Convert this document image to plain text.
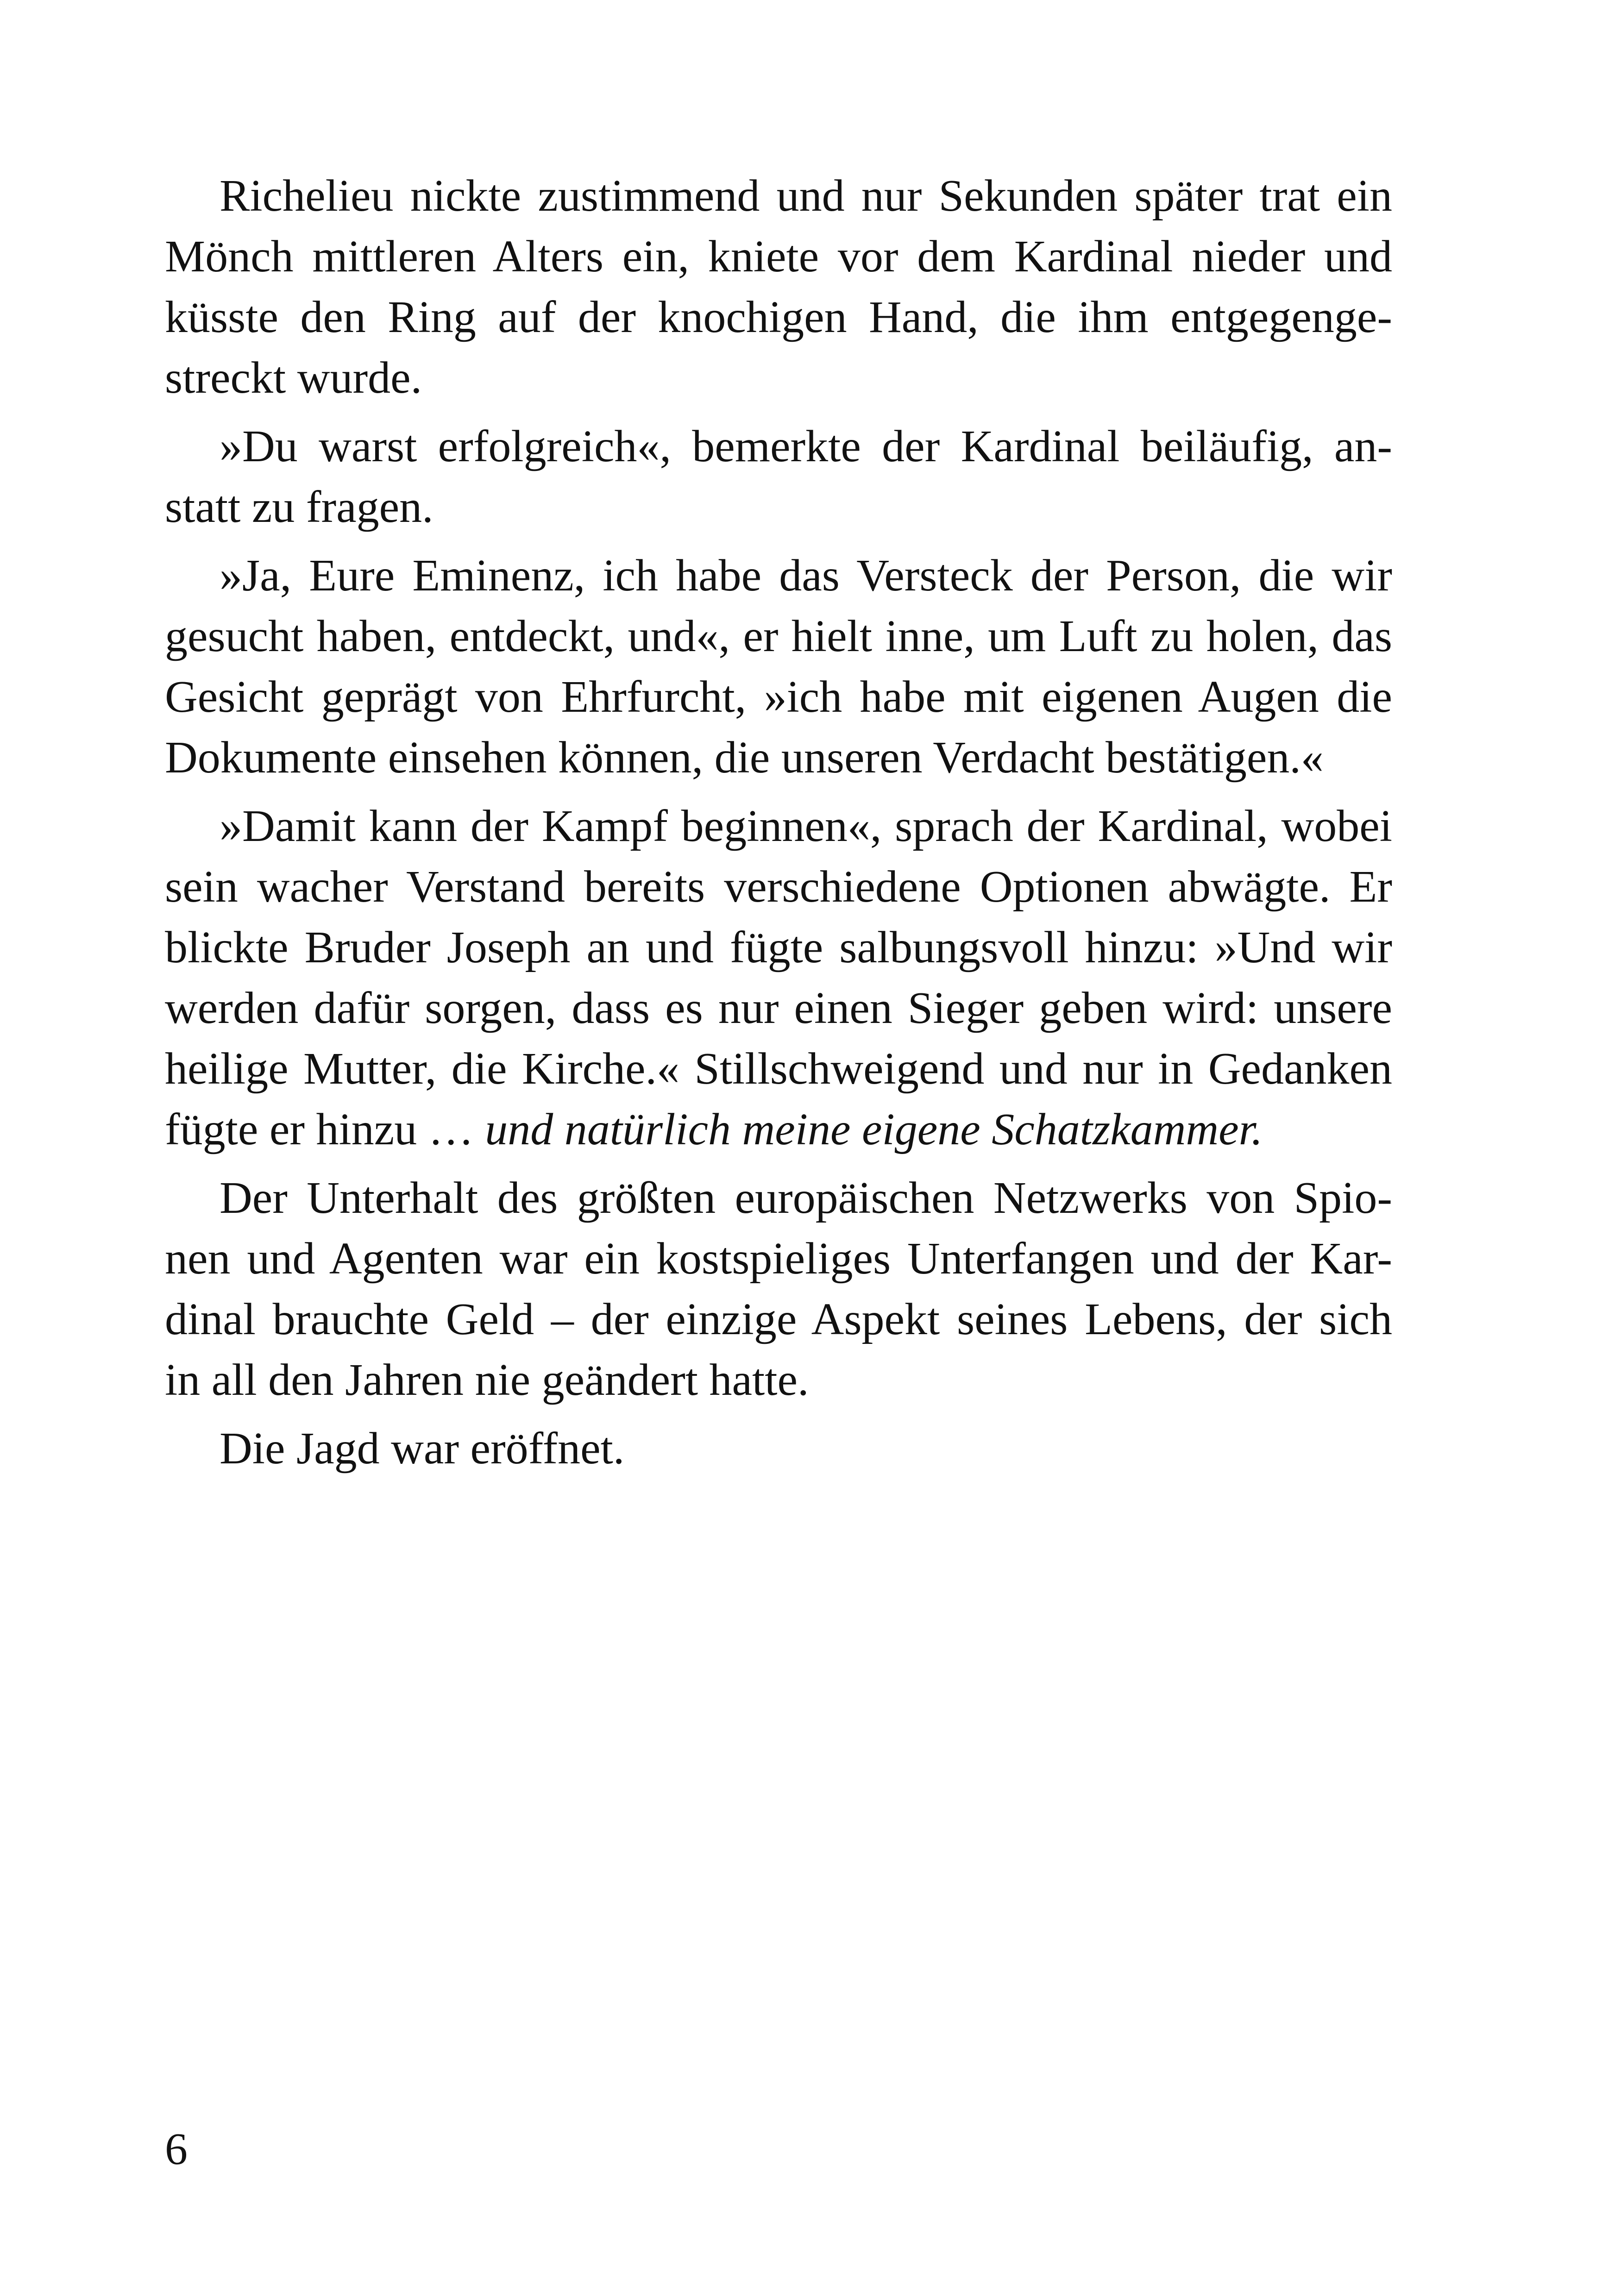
Richelieu nickte zustimmend und nur Sekunden später trat ein
Mönch mittleren Alters ein, kniete vor dem Kardinal nieder und
küsste den Ring auf der knochigen Hand, die ihm entgegenge-
streckt wurde.
»Du warst erfolgreich«, bemerkte der Kardinal beiläufig, an-
statt zu fragen.
»Ja, Eure Eminenz, ich habe das Versteck der Person, die wir
gesucht haben, entdeckt, und«, er hielt inne, um Luft zu holen, das
Gesicht geprägt von Ehrfurcht, »ich habe mit eigenen Augen die
Dokumente einsehen können, die unseren Verdacht bestätigen.«
»Damit kann der Kampf beginnen«, sprach der Kardinal, wobei
sein wacher Verstand bereits verschiedene Optionen abwägte. Er
blickte Bruder Joseph an und fügte salbungsvoll hinzu: »Und wir
werden dafür sorgen, dass es nur einen Sieger geben wird: unsere
heilige Mutter, die Kirche.« Stillschweigend und nur in Gedanken
fügte er hinzu … und natürlich meine eigene Schatzkammer.
Der Unterhalt des größten europäischen Netzwerks von Spio-
nen und Agenten war ein kostspieliges Unterfangen und der Kar-
dinal brauchte Geld – der einzige Aspekt seines Lebens, der sich
in all den Jahren nie geändert hatte.
Die Jagd war eröffnet.
6
